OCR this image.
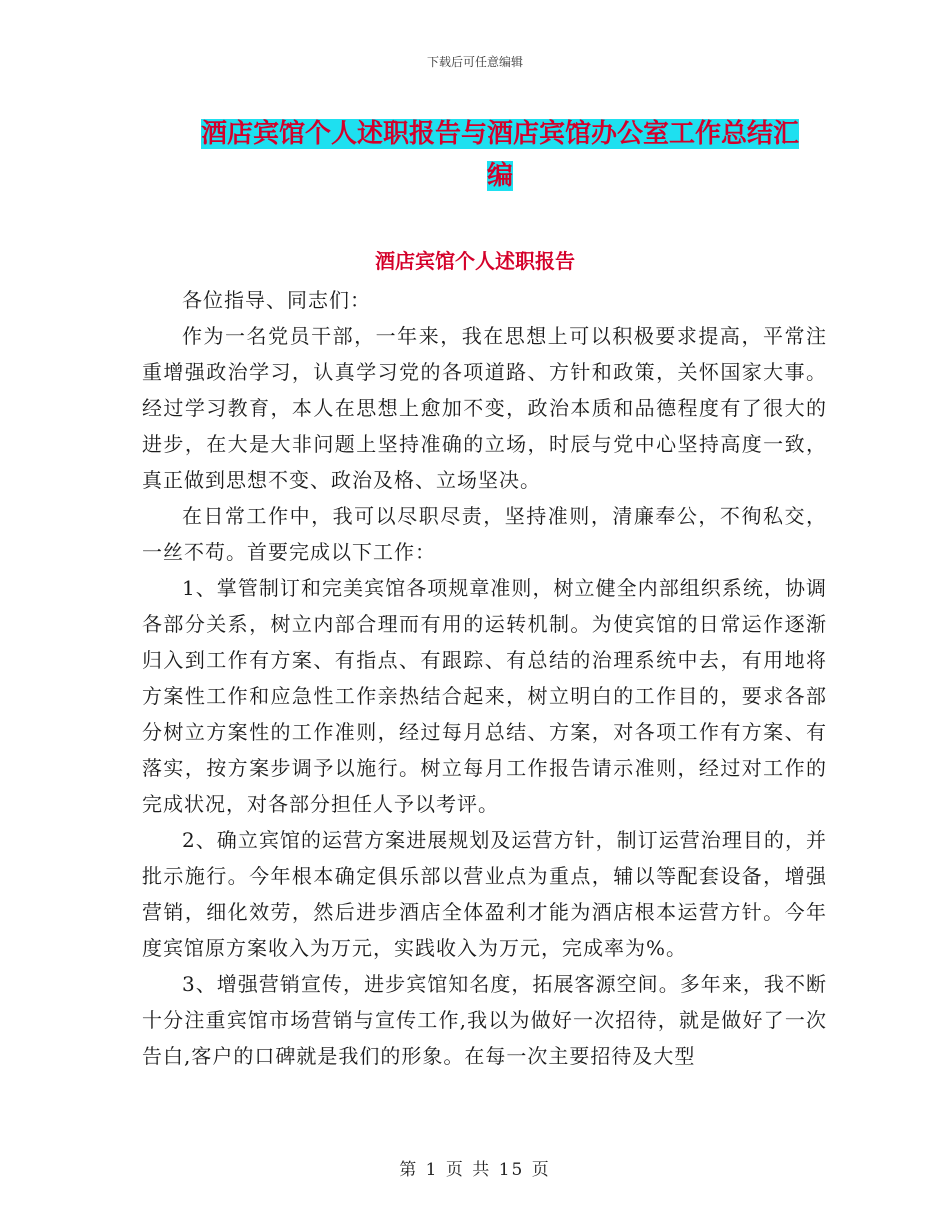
下载后可任意编辑
酒店宾馆个人述职报告与酒店宾馆办公室工作总结汇编
酒店宾馆个人述职报告

各位指导、同志们：

作为一名党员干部，一年来，我在思想上可以积极要求提高，平常注重增强政治学习，认真学习党的各项道路、方针和政策，关怀国家大事。经过学习教育，本人在思想上愈加不变，政治本质和品德程度有了很大的进步，在大是大非问题上坚持准确的立场，时辰与党中心坚持高度一致，真正做到思想不变、政治及格、立场坚决。

在日常工作中，我可以尽职尽责，坚持准则，清廉奉公，不徇私交，一丝不苟。首要完成以下工作：

1、掌管制订和完美宾馆各项规章准则，树立健全内部组织系统，协调各部分关系，树立内部合理而有用的运转机制。为使宾馆的日常运作逐渐归入到工作有方案、有指点、有跟踪、有总结的治理系统中去，有用地将方案性工作和应急性工作亲热结合起来，树立明白的工作目的，要求各部分树立方案性的工作准则，经过每月总结、方案，对各项工作有方案、有落实，按方案步调予以施行。树立每月工作报告请示准则，经过对工作的完成状况，对各部分担任人予以考评。

2、确立宾馆的运营方案进展规划及运营方针，制订运营治理目的，并批示施行。今年根本确定俱乐部以营业点为重点，辅以等配套设备，增强营销，细化效劳，然后进步酒店全体盈利才能为酒店根本运营方针。今年度宾馆原方案收入为万元，实践收入为万元，完成率为%。

3、增强营销宣传，进步宾馆知名度，拓展客源空间。多年来，我不断十分注重宾馆市场营销与宣传工作,我以为做好一次招待，就是做好了一次告白,客户的口碑就是我们的形象。在每一次主要招待及大型

第 1 页 共 15 页
